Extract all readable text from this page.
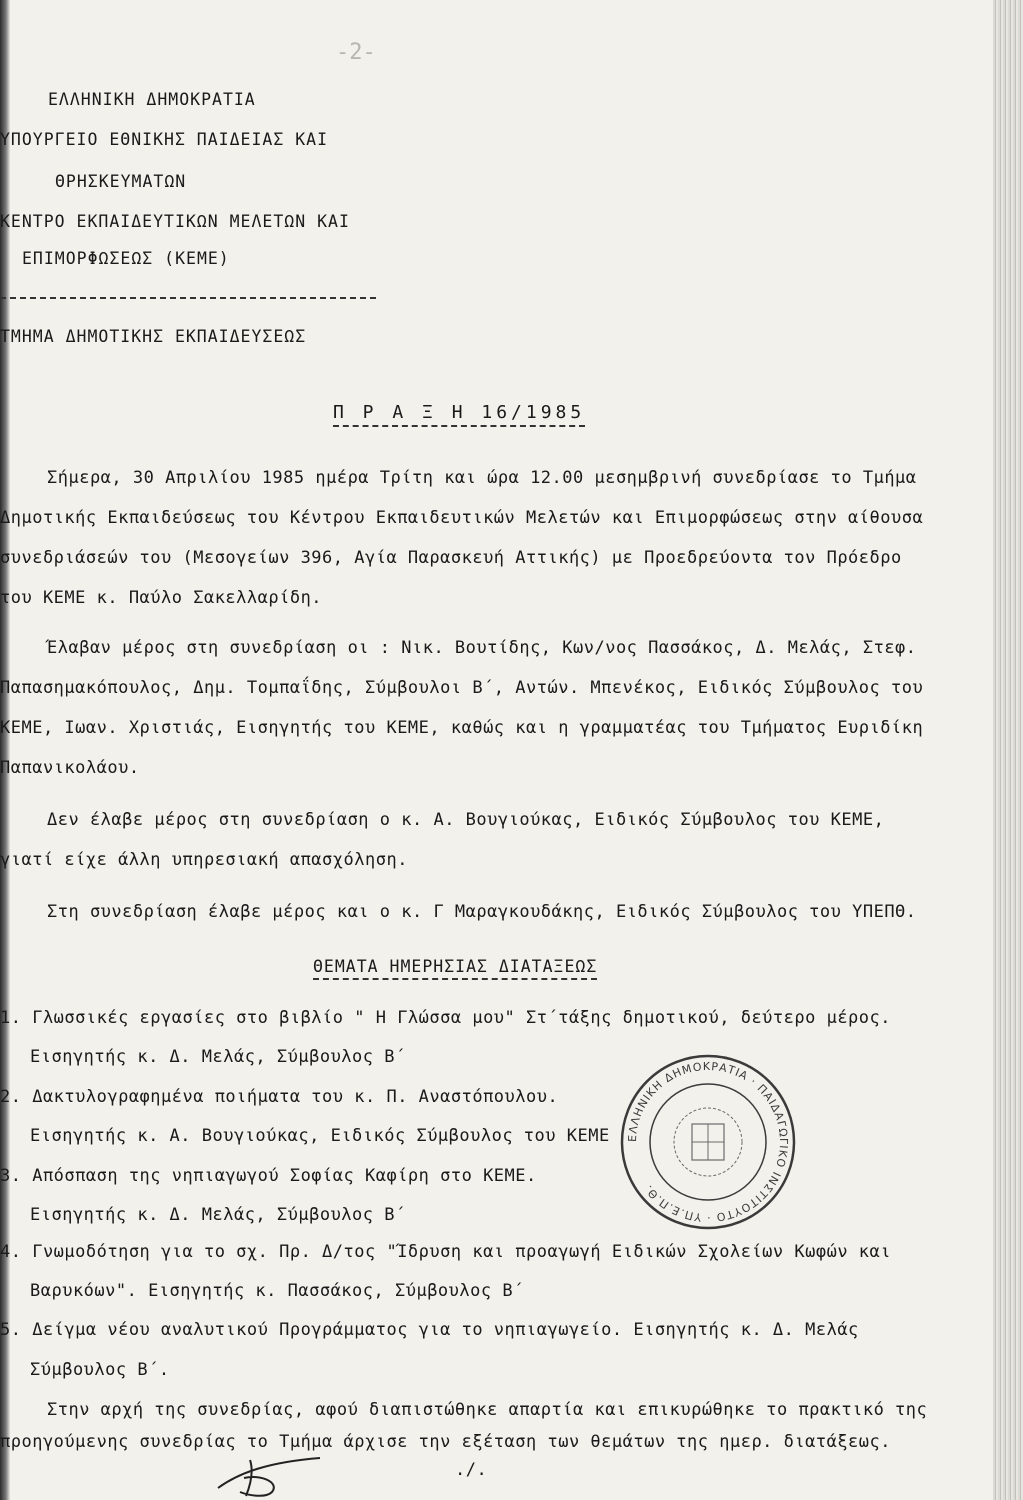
-2-
ΕΛΛΗΝΙΚΗ ΔΗΜΟΚΡΑΤΙΑ
ΥΠΟΥΡΓΕΙΟ ΕΘΝΙΚΗΣ ΠΑΙΔΕΙΑΣ ΚΑΙ
ΘΡΗΣΚΕΥΜΑΤΩΝ
ΚΕΝΤΡΟ ΕΚΠΑΙΔΕΥΤΙΚΩΝ ΜΕΛΕΤΩΝ ΚΑΙ
ΕΠΙΜΟΡΦΩΣΕΩΣ (ΚΕΜΕ)
ΤΜΗΜΑ ΔΗΜΟΤΙΚΗΣ ΕΚΠΑΙΔΕΥΣΕΩΣ
Π Ρ Α Ξ Η 16/1985
Σήμερα, 30 Απριλίου 1985 ημέρα Τρίτη και ώρα 12.00 μεσημβρινή συνεδρίασε το Τμήμα
Δημοτικής Εκπαιδεύσεως του Κέντρου Εκπαιδευτικών Μελετών και Επιμορφώσεως στην αίθουσα
συνεδριάσεών του (Μεσογείων 396, Αγία Παρασκευή Αττικής) με Προεδρεύοντα τον Πρόεδρο
του ΚΕΜΕ κ. Παύλο Σακελλαρίδη.
Έλαβαν μέρος στη συνεδρίαση οι : Νικ. Βουτίδης, Κων/νος Πασσάκος, Δ. Μελάς, Στεφ.
Παπασημακόπουλος, Δημ. Τομπαΐδης, Σύμβουλοι Β΄, Αντών. Μπενέκος, Ειδικός Σύμβουλος του
ΚΕΜΕ, Ιωαν. Χριστιάς, Εισηγητής του ΚΕΜΕ, καθώς και η γραμματέας του Τμήματος Ευριδίκη
Παπανικολάου.
Δεν έλαβε μέρος στη συνεδρίαση ο κ. Α. Βουγιούκας, Ειδικός Σύμβουλος του ΚΕΜΕ,
γιατί είχε άλλη υπηρεσιακή απασχόληση.
Στη συνεδρίαση έλαβε μέρος και ο κ. Γ Μαραγκουδάκης, Ειδικός Σύμβουλος του ΥΠΕΠΘ.
ΘΕΜΑΤΑ ΗΜΕΡΗΣΙΑΣ ΔΙΑΤΑΞΕΩΣ
1. Γλωσσικές εργασίες στο βιβλίο " Η Γλώσσα μου" Στ΄τάξης δημοτικού, δεύτερο μέρος.
Εισηγητής κ. Δ. Μελάς, Σύμβουλος Β΄
2. Δακτυλογραφημένα ποιήματα του κ. Π. Αναστόπουλου.
Εισηγητής κ. Α. Βουγιούκας, Ειδικός Σύμβουλος του ΚΕΜΕ
3. Απόσπαση της νηπιαγωγού Σοφίας Καφίρη στο ΚΕΜΕ.
Εισηγητής κ. Δ. Μελάς, Σύμβουλος Β΄
4. Γνωμοδότηση για το σχ. Πρ. Δ/τος "Ίδρυση και προαγωγή Ειδικών Σχολείων Κωφών και
Βαρυκόων". Εισηγητής κ. Πασσάκος, Σύμβουλος Β΄
5. Δείγμα νέου αναλυτικού Προγράμματος για το νηπιαγωγείο. Εισηγητής κ. Δ. Μελάς
Σύμβουλος Β΄.
Στην αρχή της συνεδρίας, αφού διαπιστώθηκε απαρτία και επικυρώθηκε το πρακτικό της
προηγούμενης συνεδρίας το Τμήμα άρχισε την εξέταση των θεμάτων της ημερ. διατάξεως.
./.
ΕΛΛΗΝΙΚΗ ΔΗΜΟΚΡΑΤΙΑ · ΠΑΙΔΑΓΩΓΙΚΟ ΙΝΣΤΙΤΟΥΤΟ · ΥΠ.Ε.Π.Θ.
